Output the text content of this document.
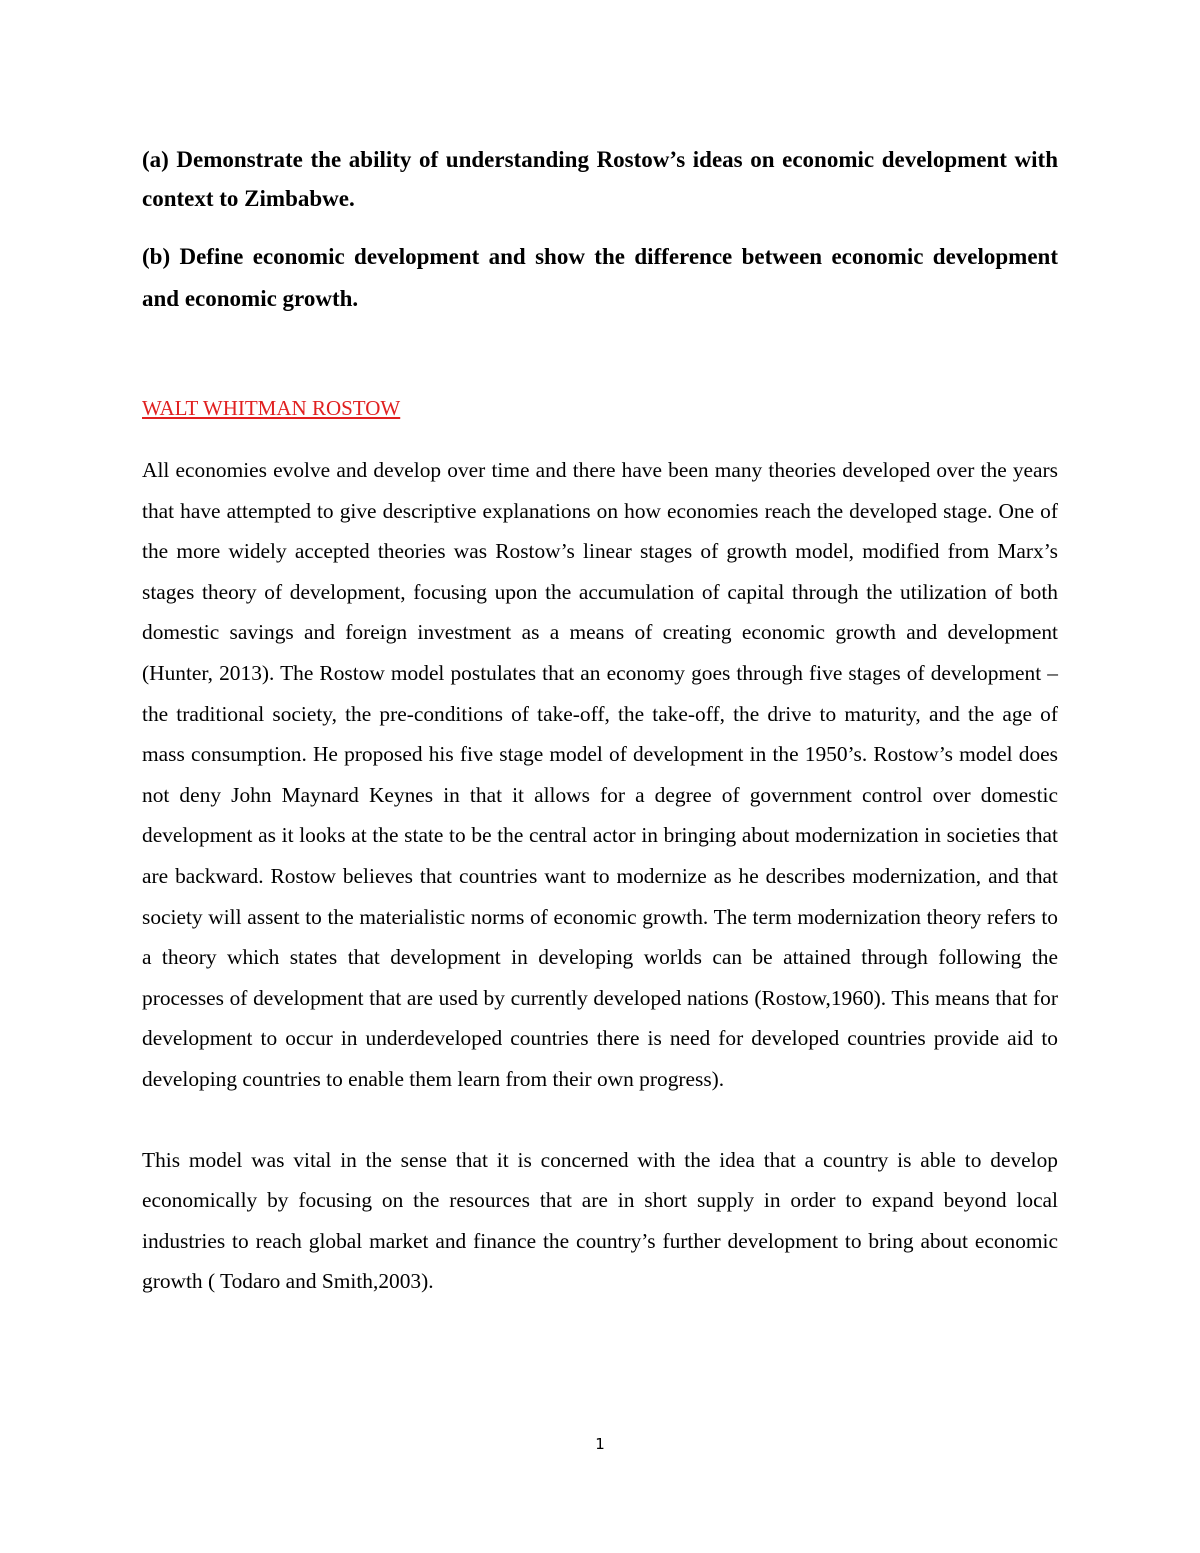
(a) Demonstrate the ability of understanding Rostow’s ideas on economic development with context to Zimbabwe.

(b) Define economic development and show the difference between economic development and economic growth.

WALT WHITMAN ROSTOW

All economies evolve and develop over time and there have been many theories developed over the years that have attempted to give descriptive explanations on how economies reach the developed stage. One of the more widely accepted theories was Rostow’s linear stages of growth model, modified from Marx’s stages theory of development, focusing upon the accumulation of capital through the utilization of both domestic savings and foreign investment as a means of creating economic growth and development (Hunter, 2013). The Rostow model postulates that an economy goes through five stages of development – the traditional society, the pre-conditions of take-off, the take-off, the drive to maturity, and the age of mass consumption. He proposed his five stage model of development in the 1950’s. Rostow’s model does not deny John Maynard Keynes in that it allows for a degree of government control over domestic development as it looks at the state to be the central actor in bringing about modernization in societies that are backward. Rostow believes that countries want to modernize as he describes modernization, and that society will assent to the materialistic norms of economic growth. The term modernization theory refers to a theory which states that development in developing worlds can be attained through following the processes of development that are used by currently developed nations (Rostow,1960). This means that for development to occur in underdeveloped countries there is need for developed countries provide aid to developing countries to enable them learn from their own progress).

This model was vital in the sense that it is concerned with the idea that a country is able to develop economically by focusing on the resources that are in short supply in order to expand beyond local industries to reach global market and finance the country’s further development to bring about economic growth ( Todaro and Smith,2003).

1
